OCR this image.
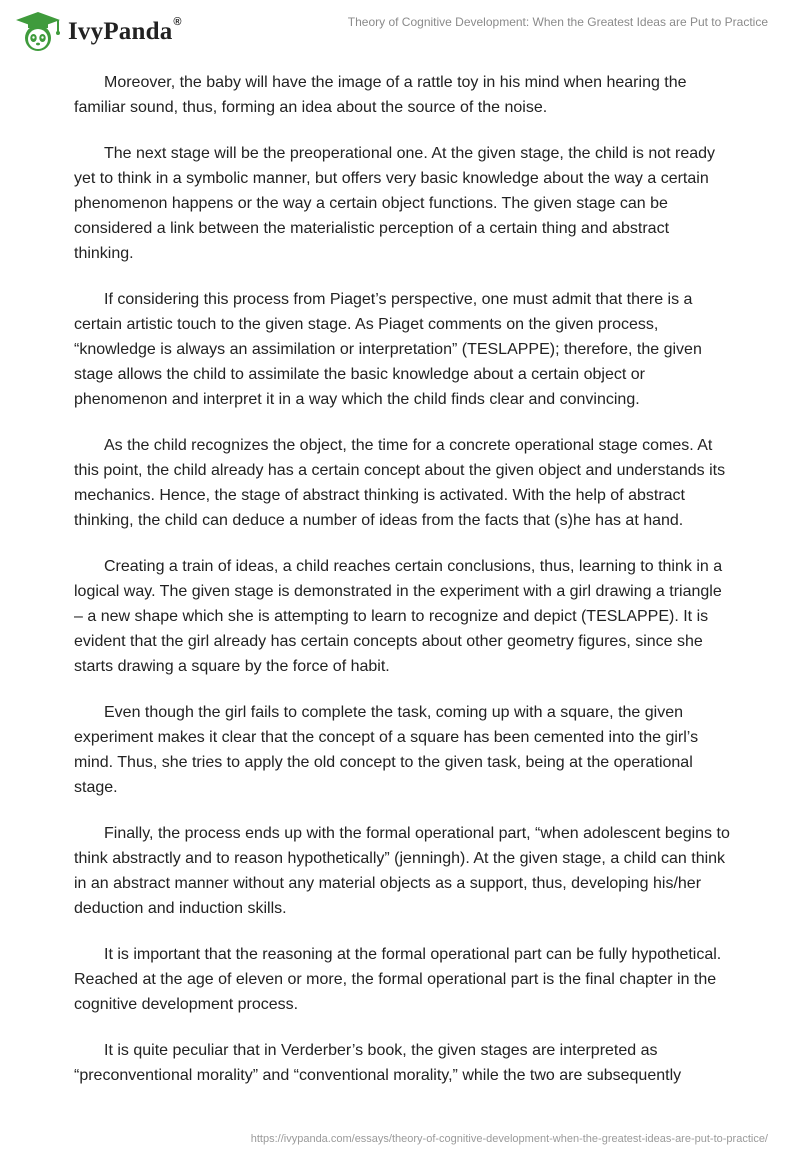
IvyPanda®	Theory of Cognitive Development: When the Greatest Ideas are Put to Practice

Moreover, the baby will have the image of a rattle toy in his mind when hearing the familiar sound, thus, forming an idea about the source of the noise.

The next stage will be the preoperational one. At the given stage, the child is not ready yet to think in a symbolic manner, but offers very basic knowledge about the way a certain phenomenon happens or the way a certain object functions. The given stage can be considered a link between the materialistic perception of a certain thing and abstract thinking.

If considering this process from Piaget’s perspective, one must admit that there is a certain artistic touch to the given stage. As Piaget comments on the given process, “knowledge is always an assimilation or interpretation” (TESLAPPE); therefore, the given stage allows the child to assimilate the basic knowledge about a certain object or phenomenon and interpret it in a way which the child finds clear and convincing.

As the child recognizes the object, the time for a concrete operational stage comes. At this point, the child already has a certain concept about the given object and understands its mechanics. Hence, the stage of abstract thinking is activated. With the help of abstract thinking, the child can deduce a number of ideas from the facts that (s)he has at hand.

Creating a train of ideas, a child reaches certain conclusions, thus, learning to think in a logical way. The given stage is demonstrated in the experiment with a girl drawing a triangle – a new shape which she is attempting to learn to recognize and depict (TESLAPPE). It is evident that the girl already has certain concepts about other geometry figures, since she starts drawing a square by the force of habit.

Even though the girl fails to complete the task, coming up with a square, the given experiment makes it clear that the concept of a square has been cemented into the girl’s mind. Thus, she tries to apply the old concept to the given task, being at the operational stage.

Finally, the process ends up with the formal operational part, “when adolescent begins to think abstractly and to reason hypothetically” (jenningh). At the given stage, a child can think in an abstract manner without any material objects as a support, thus, developing his/her deduction and induction skills.

It is important that the reasoning at the formal operational part can be fully hypothetical. Reached at the age of eleven or more, the formal operational part is the final chapter in the cognitive development process.

It is quite peculiar that in Verderber’s book, the given stages are interpreted as “preconventional morality” and “conventional morality,” while the two are subsequently

https://ivypanda.com/essays/theory-of-cognitive-development-when-the-greatest-ideas-are-put-to-practice/
